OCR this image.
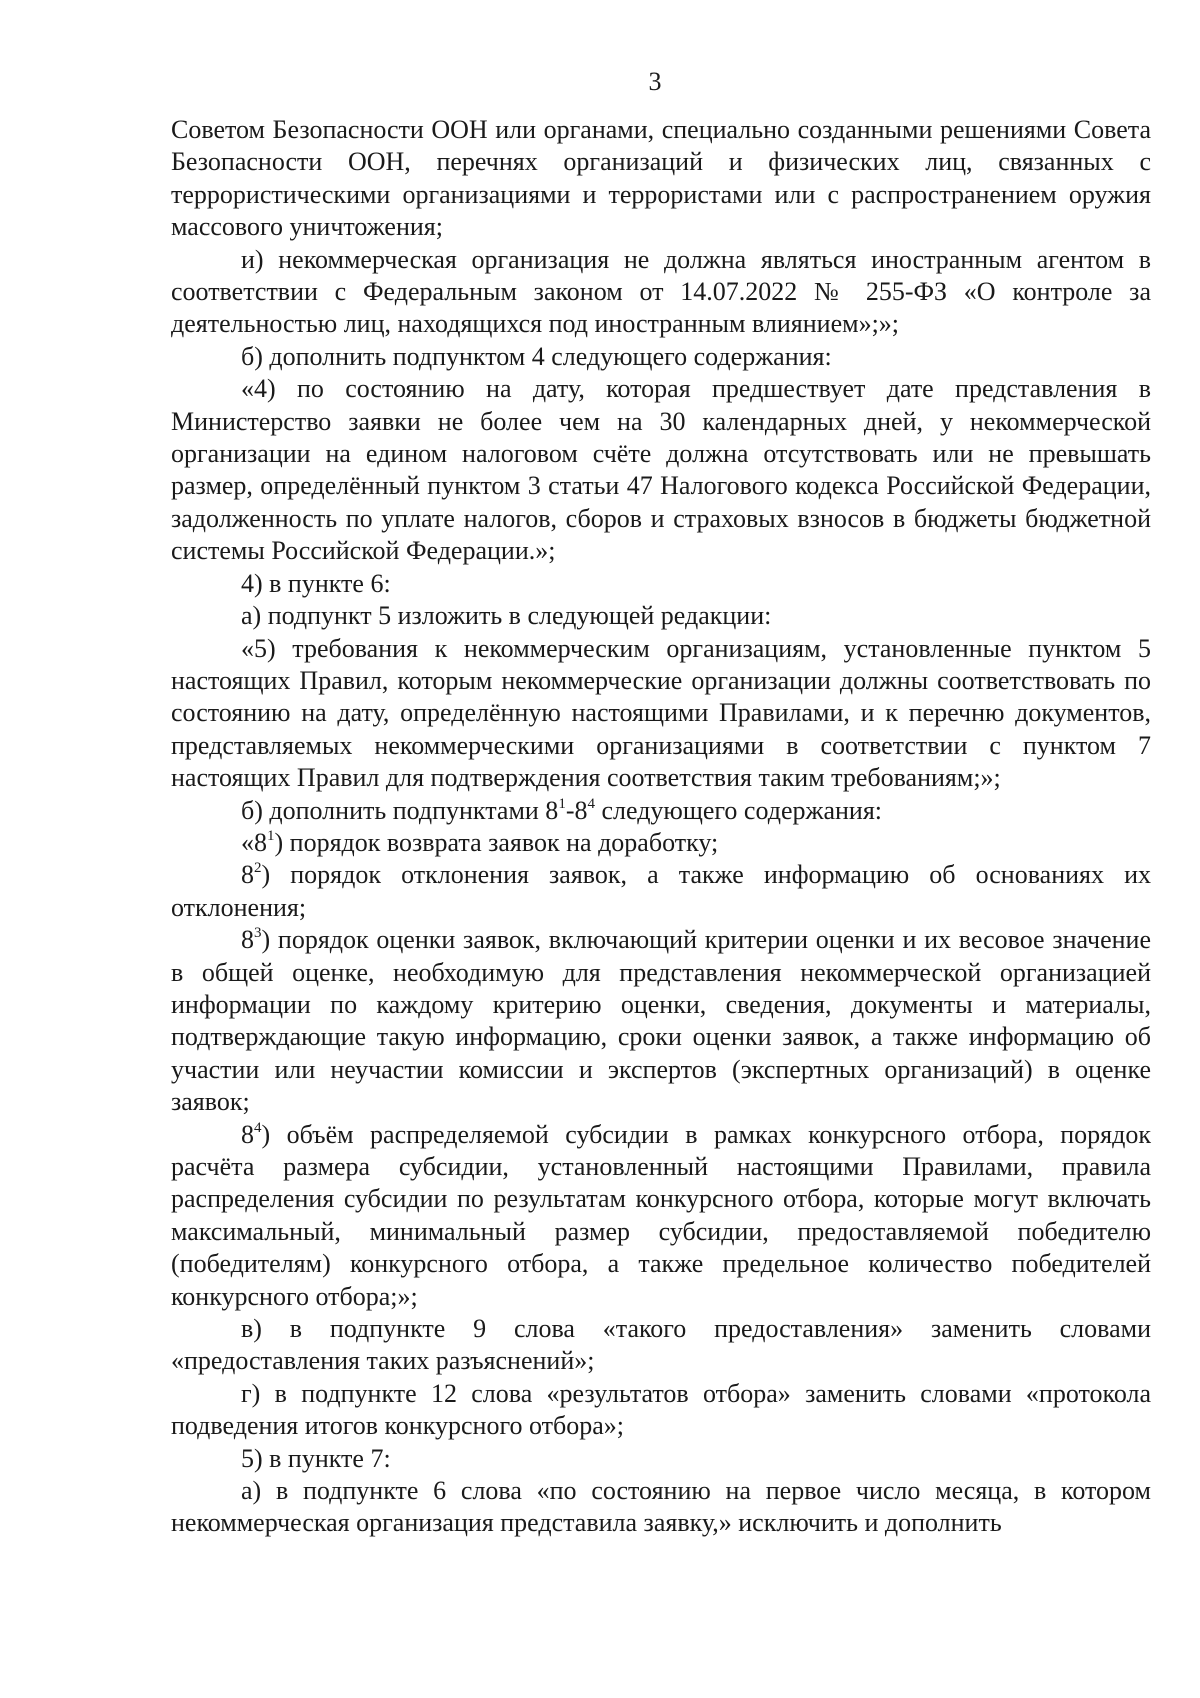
3

Советом Безопасности ООН или органами, специально созданными решениями Совета Безопасности ООН, перечнях организаций и физических лиц, связанных с террористическими организациями и террористами или с распространением оружия массового уничтожения;

и) некоммерческая организация не должна являться иностранным агентом в соответствии с Федеральным законом от 14.07.2022 № 255-ФЗ «О контроле за деятельностью лиц, находящихся под иностранным влиянием»;»;

б) дополнить подпунктом 4 следующего содержания:

«4) по состоянию на дату, которая предшествует дате представления в Министерство заявки не более чем на 30 календарных дней, у некоммерческой организации на едином налоговом счёте должна отсутствовать или не превышать размер, определённый пунктом 3 статьи 47 Налогового кодекса Российской Федерации, задолженность по уплате налогов, сборов и страховых взносов в бюджеты бюджетной системы Российской Федерации.»;

4) в пункте 6:

а) подпункт 5 изложить в следующей редакции:

«5) требования к некоммерческим организациям, установленные пунктом 5 настоящих Правил, которым некоммерческие организации должны соответствовать по состоянию на дату, определённую настоящими Правилами, и к перечню документов, представляемых некоммерческими организациями в соответствии с пунктом 7 настоящих Правил для подтверждения соответствия таким требованиям;»;

б) дополнить подпунктами $8^1-8^4$ следующего содержания:

«$8^1$) порядок возврата заявок на доработку;

$8^2$) порядок отклонения заявок, а также информацию об основаниях их отклонения;

$8^3$) порядок оценки заявок, включающий критерии оценки и их весовое значение в общей оценке, необходимую для представления некоммерческой организацией информации по каждому критерию оценки, сведения, документы и материалы, подтверждающие такую информацию, сроки оценки заявок, а также информацию об участии или неучастии комиссии и экспертов (экспертных организаций) в оценке заявок;

$8^4$) объём распределяемой субсидии в рамках конкурсного отбора, порядок расчёта размера субсидии, установленный настоящими Правилами, правила распределения субсидии по результатам конкурсного отбора, которые могут включать максимальный, минимальный размер субсидии, предоставляемой победителю (победителям) конкурсного отбора, а также предельное количество победителей конкурсного отбора;»;

в) в подпункте 9 слова «такого предоставления» заменить словами «предоставления таких разъяснений»;

г) в подпункте 12 слова «результатов отбора» заменить словами «протокола подведения итогов конкурсного отбора»;

5) в пункте 7:

а) в подпункте 6 слова «по состоянию на первое число месяца, в котором некоммерческая организация представила заявку,» исключить и дополнить
